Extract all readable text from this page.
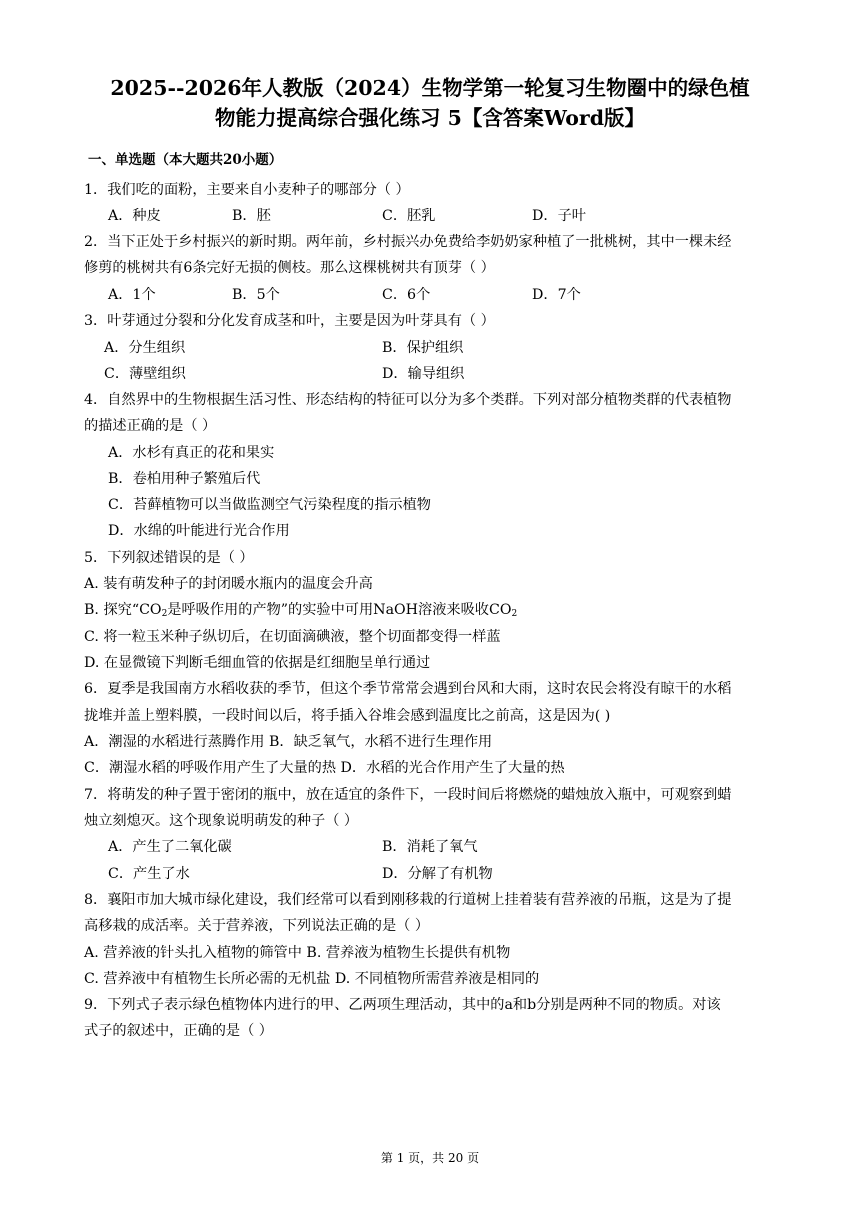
2025--2026年人教版（2024）生物学第一轮复习生物圈中的绿色植
物能力提高综合强化练习 5【含答案Word版】
一、单选题（本大题共20小题）
1．我们吃的面粉，主要来自小麦种子的哪部分（ ）
A．种皮	B．胚	C．胚乳	D．子叶
2．当下正处于乡村振兴的新时期。两年前，乡村振兴办免费给李奶奶家种植了一批桃树，其中一棵未经
修剪的桃树共有6条完好无损的侧枝。那么这棵桃树共有顶芽（ ）
A．1个	B．5个	C．6个	D．7个
3．叶芽通过分裂和分化发育成茎和叶，主要是因为叶芽具有（ ）
A．分生组织	B．保护组织
C．薄壁组织	D．输导组织
4．自然界中的生物根据生活习性、形态结构的特征可以分为多个类群。下列对部分植物类群的代表植物
的描述正确的是（ ）
A．水杉有真正的花和果实
B．卷柏用种子繁殖后代
C．苔藓植物可以当做监测空气污染程度的指示植物
D．水绵的叶能进行光合作用
5．下列叙述错误的是（ ）
A. 装有萌发种子的封闭暖水瓶内的温度会升高
B. 探究“$CO_2$是呼吸作用的产物”的实验中可用NaOH溶液来吸收$CO_2$
C. 将一粒玉米种子纵切后，在切面滴碘液，整个切面都变得一样蓝
D. 在显微镜下判断毛细血管的依据是红细胞呈单行通过
6．夏季是我国南方水稻收获的季节，但这个季节常常会遇到台风和大雨，这时农民会将没有晾干的水稻
拢堆并盖上塑料膜，一段时间以后，将手插入谷堆会感到温度比之前高，这是因为( )
A．潮湿的水稻进行蒸腾作用 B．缺乏氧气，水稻不进行生理作用
C．潮湿水稻的呼吸作用产生了大量的热 D．水稻的光合作用产生了大量的热
7．将萌发的种子置于密闭的瓶中，放在适宜的条件下，一段时间后将燃烧的蜡烛放入瓶中，可观察到蜡
烛立刻熄灭。这个现象说明萌发的种子（ ）
A．产生了二氧化碳	B．消耗了氧气
C．产生了水	D．分解了有机物
8．襄阳市加大城市绿化建设，我们经常可以看到刚移栽的行道树上挂着装有营养液的吊瓶，这是为了提
高移栽的成活率。关于营养液，下列说法正确的是（ ）
A. 营养液的针头扎入植物的筛管中 B. 营养液为植物生长提供有机物
C. 营养液中有植物生长所必需的无机盐 D. 不同植物所需营养液是相同的
9．下列式子表示绿色植物体内进行的甲、乙两项生理活动，其中的a和b分别是两种不同的物质。对该
式子的叙述中，正确的是（ ）
第 1 页，共 20 页
